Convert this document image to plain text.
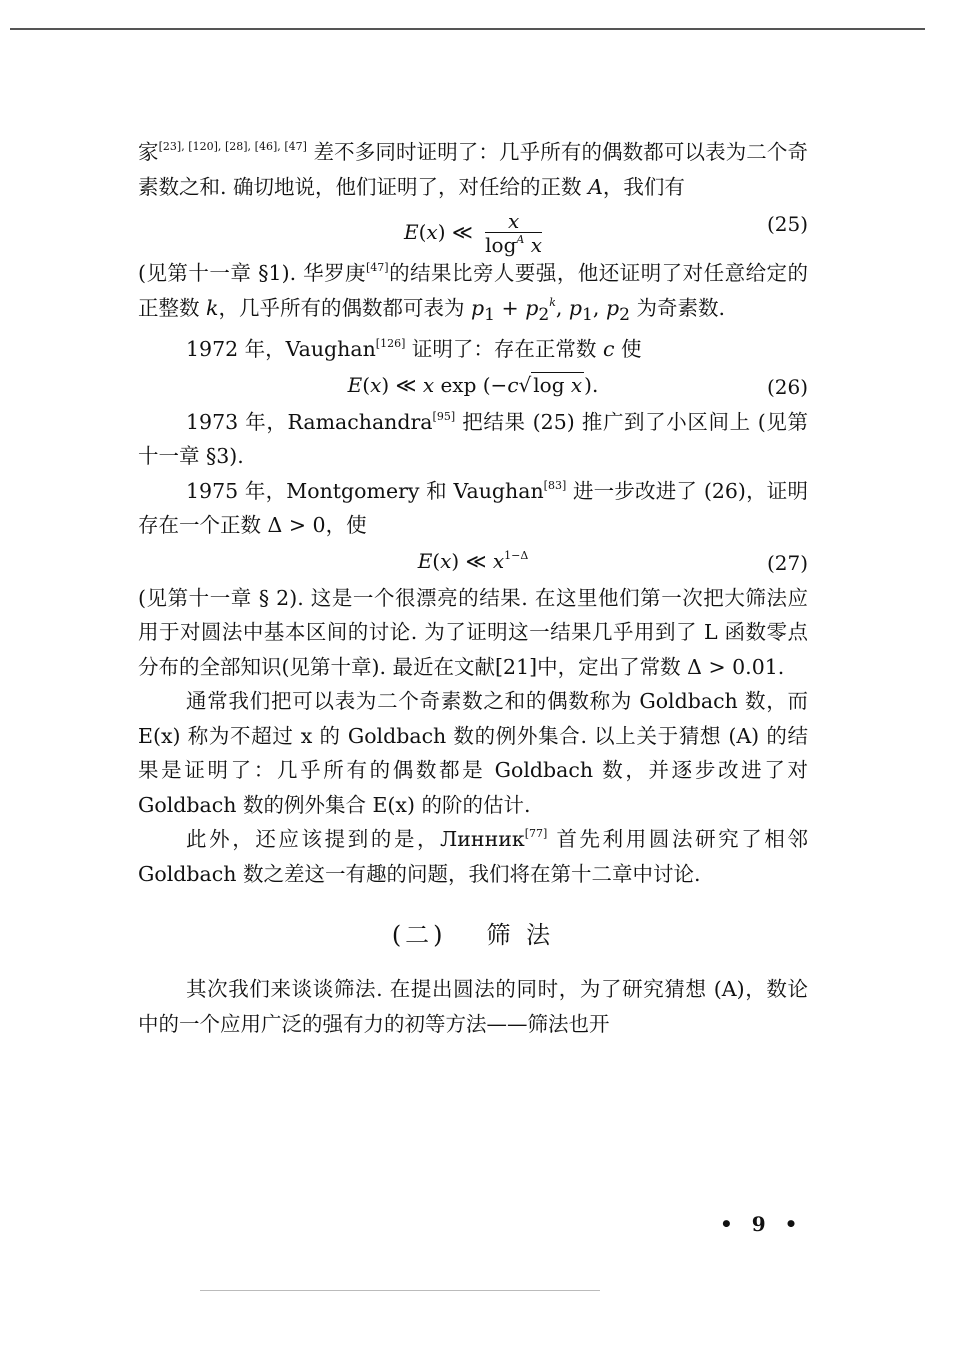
家[23], [120], [28], [46], [47] 差不多同时证明了：几乎所有的偶数都可以表为二个奇素数之和. 确切地说，他们证明了，对任给的正数 A，我们有

E(x) ≪ $\frac{x}{\log^A x}$	(25)

(见第十一章 §1). 华罗庚[47]的结果比旁人要强，他还证明了对任意给定的正整数 k，几乎所有的偶数都可表为 $p_1 + p_2^k$, $p_1$, $p_2$ 为奇素数.

1972 年，Vaughan[126] 证明了：存在正常数 c 使

E(x) ≪ x exp (−c√ log x ).	(26)

1973 年，Ramachandra[95] 把结果 (25) 推广到了小区间上 (见第十一章 §3).

1975 年，Montgomery 和 Vaughan[83] 进一步改进了 (26)，证明存在一个正数 Δ > 0，使

E(x) ≪ $x^{1-\Delta}$	(27)

(见第十一章 § 2). 这是一个很漂亮的结果. 在这里他们第一次把大筛法应用于对圆法中基本区间的讨论. 为了证明这一结果几乎用到了 L 函数零点分布的全部知识(见第十章). 最近在文献[21]中，定出了常数 Δ > 0.01.

通常我们把可以表为二个奇素数之和的偶数称为 Goldbach 数，而 E(x) 称为不超过 x 的 Goldbach 数的例外集合. 以上关于猜想 (A) 的结果是证明了：几乎所有的偶数都是 Goldbach 数，并逐步改进了对 Goldbach 数的例外集合 E(x) 的阶的估计.

此外，还应该提到的是，Линник[77] 首先利用圆法研究了相邻 Goldbach 数之差这一有趣的问题，我们将在第十二章中讨论.

(二) 筛 法

其次我们来谈谈筛法. 在提出圆法的同时，为了研究猜想 (A)，数论中的一个应用广泛的强有力的初等方法——筛法也开

• 9 •
